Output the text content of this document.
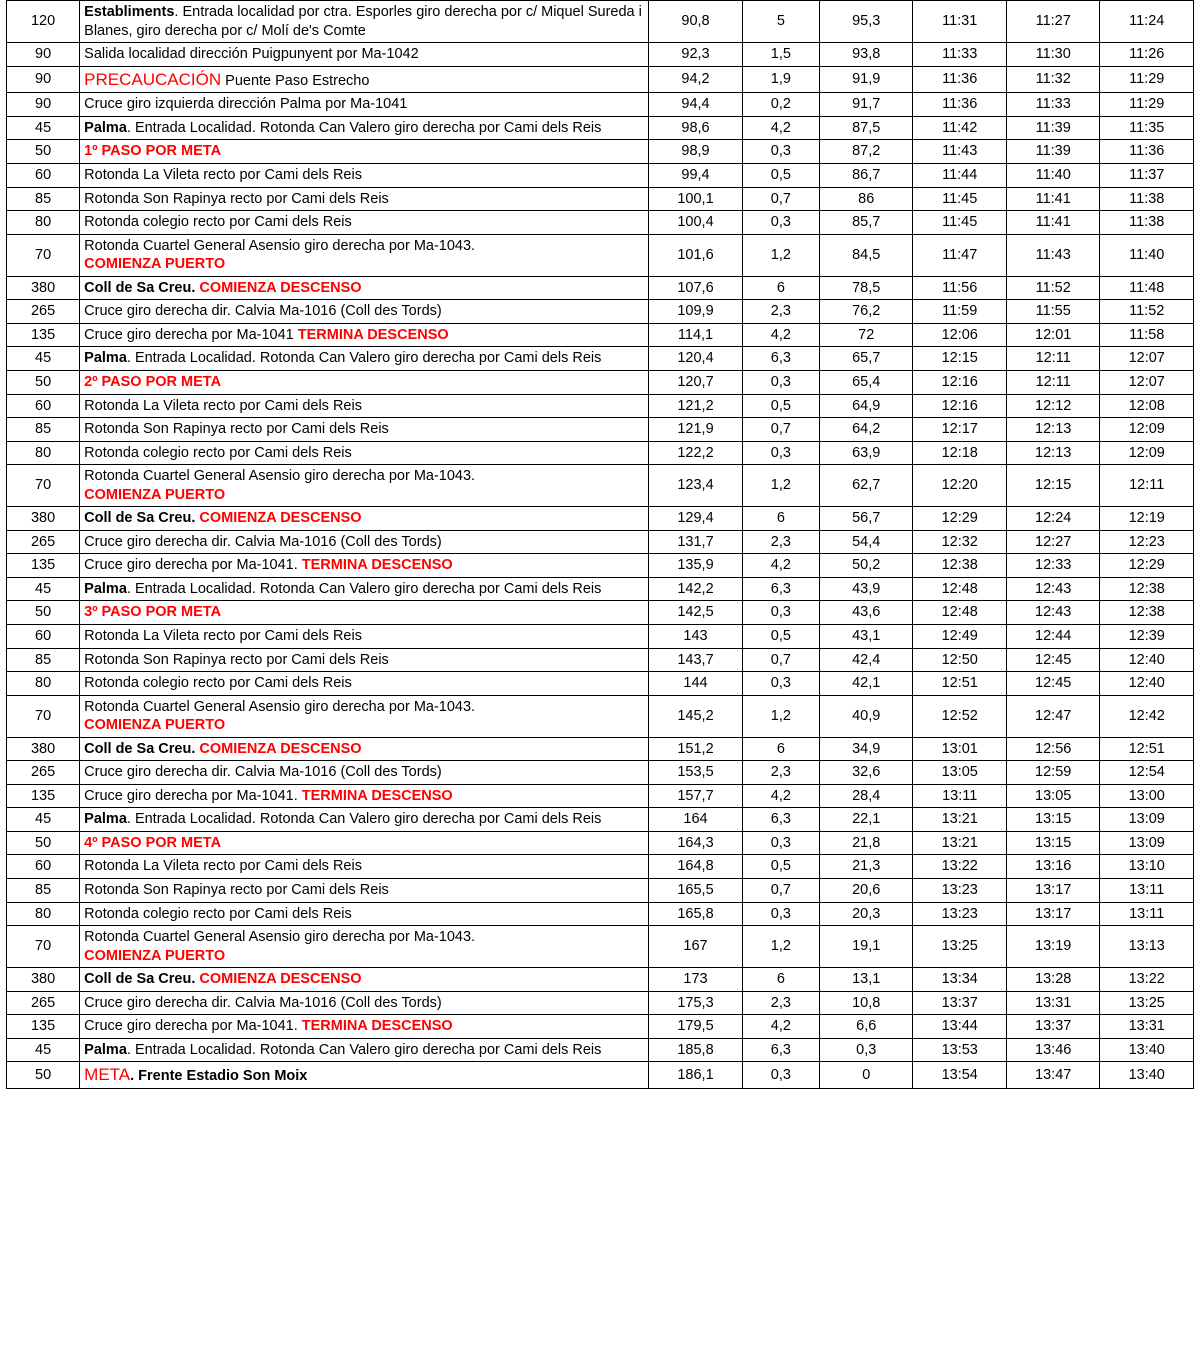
120	Establiments. Entrada localidad por ctra. Esporles giro derecha por c/ Miquel Sureda i Blanes, giro derecha por c/ Molí de's Comte	90,8	5	95,3	11:31	11:27	11:24
90	Salida localidad dirección Puigpunyent por Ma-1042	92,3	1,5	93,8	11:33	11:30	11:26
90	PRECAUCACIÓN Puente Paso Estrecho	94,2	1,9	91,9	11:36	11:32	11:29
90	Cruce giro izquierda dirección Palma por Ma-1041	94,4	0,2	91,7	11:36	11:33	11:29
45	Palma. Entrada Localidad. Rotonda Can Valero giro derecha por Cami dels Reis	98,6	4,2	87,5	11:42	11:39	11:35
50	1º PASO POR META	98,9	0,3	87,2	11:43	11:39	11:36
60	Rotonda La Vileta recto por Cami dels Reis	99,4	0,5	86,7	11:44	11:40	11:37
85	Rotonda Son Rapinya recto por Cami dels Reis	100,1	0,7	86	11:45	11:41	11:38
80	Rotonda colegio recto por Cami dels Reis	100,4	0,3	85,7	11:45	11:41	11:38
70	Rotonda Cuartel General Asensio giro derecha por Ma-1043.
COMIENZA PUERTO	101,6	1,2	84,5	11:47	11:43	11:40
380	Coll de Sa Creu. COMIENZA DESCENSO	107,6	6	78,5	11:56	11:52	11:48
265	Cruce giro derecha dir. Calvia Ma-1016 (Coll des Tords)	109,9	2,3	76,2	11:59	11:55	11:52
135	Cruce giro derecha por Ma-1041 TERMINA DESCENSO	114,1	4,2	72	12:06	12:01	11:58
45	Palma. Entrada Localidad. Rotonda Can Valero giro derecha por Cami dels Reis	120,4	6,3	65,7	12:15	12:11	12:07
50	2º PASO POR META	120,7	0,3	65,4	12:16	12:11	12:07
60	Rotonda La Vileta recto por Cami dels Reis	121,2	0,5	64,9	12:16	12:12	12:08
85	Rotonda Son Rapinya recto por Cami dels Reis	121,9	0,7	64,2	12:17	12:13	12:09
80	Rotonda colegio recto por Cami dels Reis	122,2	0,3	63,9	12:18	12:13	12:09
70	Rotonda Cuartel General Asensio giro derecha por Ma-1043.
COMIENZA PUERTO	123,4	1,2	62,7	12:20	12:15	12:11
380	Coll de Sa Creu. COMIENZA DESCENSO	129,4	6	56,7	12:29	12:24	12:19
265	Cruce giro derecha dir. Calvia Ma-1016 (Coll des Tords)	131,7	2,3	54,4	12:32	12:27	12:23
135	Cruce giro derecha por Ma-1041. TERMINA DESCENSO	135,9	4,2	50,2	12:38	12:33	12:29
45	Palma. Entrada Localidad. Rotonda Can Valero giro derecha por Cami dels Reis	142,2	6,3	43,9	12:48	12:43	12:38
50	3º PASO POR META	142,5	0,3	43,6	12:48	12:43	12:38
60	Rotonda La Vileta recto por Cami dels Reis	143	0,5	43,1	12:49	12:44	12:39
85	Rotonda Son Rapinya recto por Cami dels Reis	143,7	0,7	42,4	12:50	12:45	12:40
80	Rotonda colegio recto por Cami dels Reis	144	0,3	42,1	12:51	12:45	12:40
70	Rotonda Cuartel General Asensio giro derecha por Ma-1043.
COMIENZA PUERTO	145,2	1,2	40,9	12:52	12:47	12:42
380	Coll de Sa Creu. COMIENZA DESCENSO	151,2	6	34,9	13:01	12:56	12:51
265	Cruce giro derecha dir. Calvia Ma-1016 (Coll des Tords)	153,5	2,3	32,6	13:05	12:59	12:54
135	Cruce giro derecha por Ma-1041. TERMINA DESCENSO	157,7	4,2	28,4	13:11	13:05	13:00
45	Palma. Entrada Localidad. Rotonda Can Valero giro derecha por Cami dels Reis	164	6,3	22,1	13:21	13:15	13:09
50	4º PASO POR META	164,3	0,3	21,8	13:21	13:15	13:09
60	Rotonda La Vileta recto por Cami dels Reis	164,8	0,5	21,3	13:22	13:16	13:10
85	Rotonda Son Rapinya recto por Cami dels Reis	165,5	0,7	20,6	13:23	13:17	13:11
80	Rotonda colegio recto por Cami dels Reis	165,8	0,3	20,3	13:23	13:17	13:11
70	Rotonda Cuartel General Asensio giro derecha por Ma-1043.
COMIENZA PUERTO	167	1,2	19,1	13:25	13:19	13:13
380	Coll de Sa Creu. COMIENZA DESCENSO	173	6	13,1	13:34	13:28	13:22
265	Cruce giro derecha dir. Calvia Ma-1016 (Coll des Tords)	175,3	2,3	10,8	13:37	13:31	13:25
135	Cruce giro derecha por Ma-1041. TERMINA DESCENSO	179,5	4,2	6,6	13:44	13:37	13:31
45	Palma. Entrada Localidad. Rotonda Can Valero giro derecha por Cami dels Reis	185,8	6,3	0,3	13:53	13:46	13:40
50	META. Frente Estadio Son Moix	186,1	0,3	0	13:54	13:47	13:40
